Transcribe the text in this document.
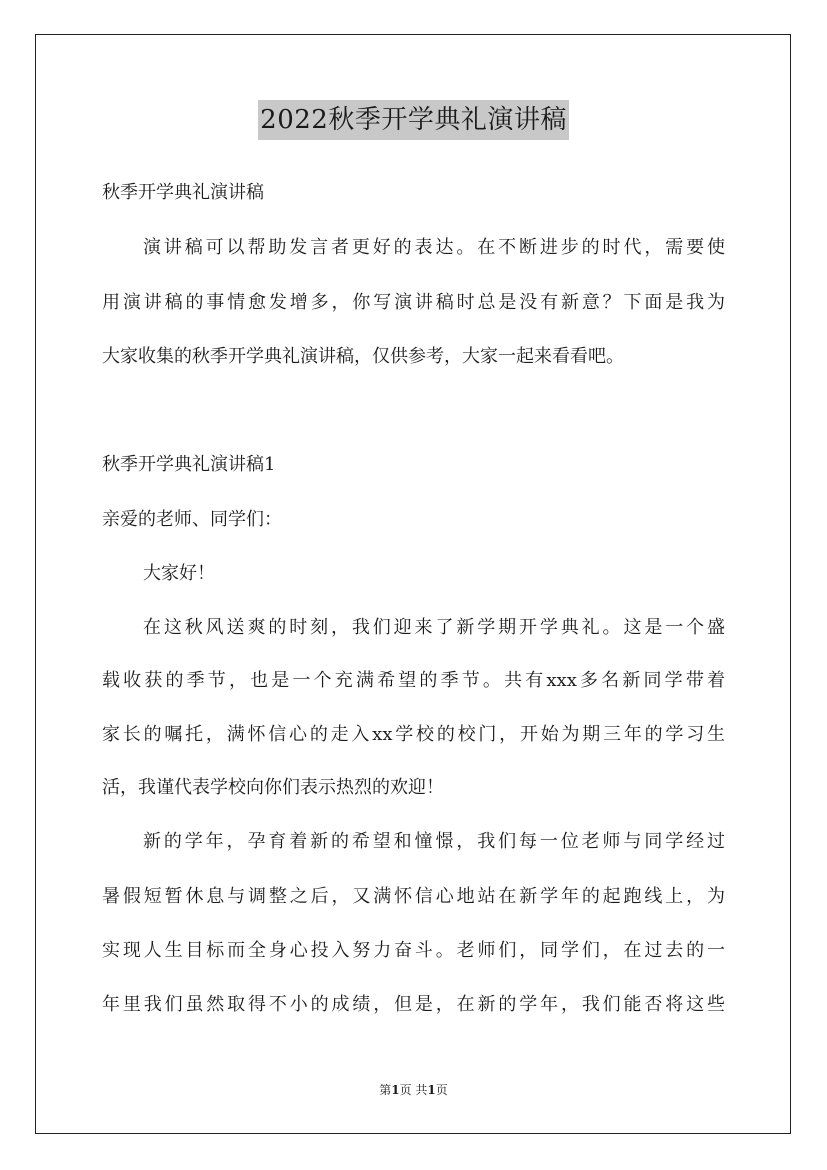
2022秋季开学典礼演讲稿
秋季开学典礼演讲稿
演讲稿可以帮助发言者更好的表达。在不断进步的时代，需要使
用演讲稿的事情愈发增多，你写演讲稿时总是没有新意？下面是我为
大家收集的秋季开学典礼演讲稿，仅供参考，大家一起来看看吧。
秋季开学典礼演讲稿1
亲爱的老师、同学们：
大家好！
在这秋风送爽的时刻，我们迎来了新学期开学典礼。这是一个盛
载收获的季节，也是一个充满希望的季节。共有xxx多名新同学带着
家长的嘱托，满怀信心的走入xx学校的校门，开始为期三年的学习生
活，我谨代表学校向你们表示热烈的欢迎！
新的学年，孕育着新的希望和憧憬，我们每一位老师与同学经过
暑假短暂休息与调整之后，又满怀信心地站在新学年的起跑线上，为
实现人生目标而全身心投入努力奋斗。老师们，同学们，在过去的一
年里我们虽然取得不小的成绩，但是，在新的学年，我们能否将这些
第1页 共1页
